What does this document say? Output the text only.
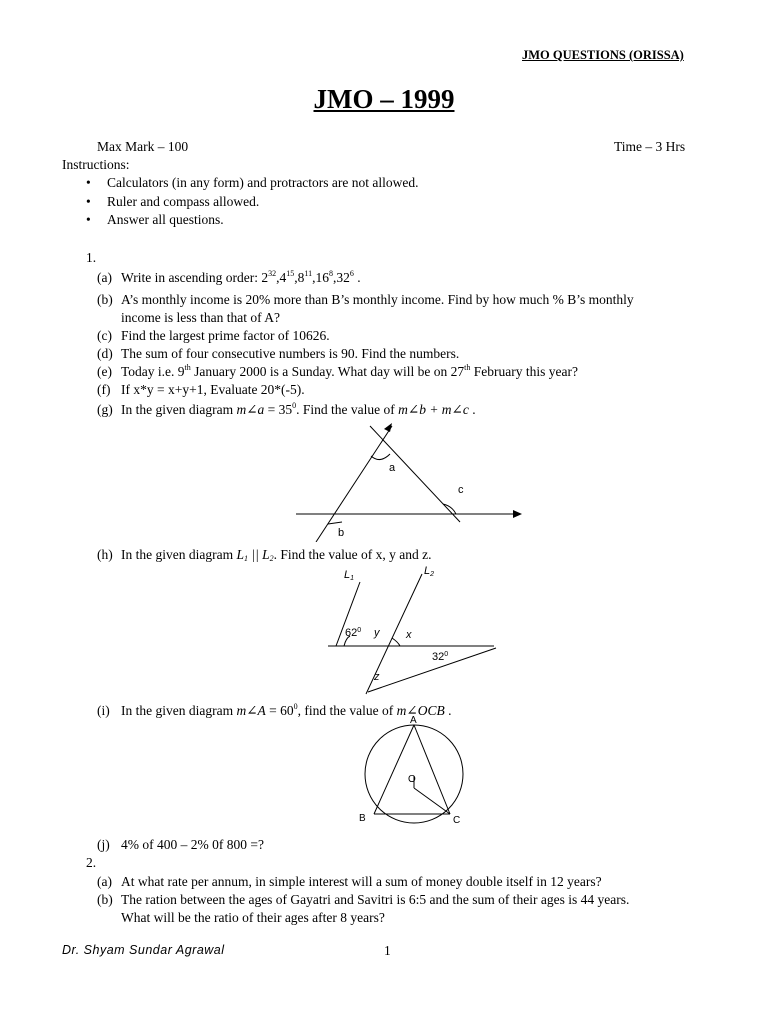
JMO QUESTIONS (ORISSA)
JMO – 1999
Max Mark – 100	Time – 3 Hrs
Instructions:
• Calculators (in any form) and protractors are not allowed.
• Ruler and compass allowed.
• Answer all questions.
1.
(a) Write in ascending order: $2^{32},4^{15},8^{11},16^8,32^6$ .
(b) A’s monthly income is 20% more than B’s monthly income. Find by how much % B’s monthly
income is less than that of A?
(c) Find the largest prime factor of 10626.
(d) The sum of four consecutive numbers is 90. Find the numbers.
(e) Today i.e. 9th January 2000 is a Sunday. What day will be on 27th February this year?
(f) If x*y = x+y+1, Evaluate 20*(-5).
(g) In the given diagram m∠a = $35^0$. Find the value of m∠b + m∠c .
a
b
c
(h) In the given diagram $L_1$ || $L_2$. Find the value of x, y and z.
L1
L2
$62^0$
$32^0$
y x
z
(i) In the given diagram m∠A = $60^0$, find the value of m∠OCB .
A
B	C
O
(j) 4% of 400 – 2% 0f 800 =?
2.
(a) At what rate per annum, in simple interest will a sum of money double itself in 12 years?
(b) The ration between the ages of Gayatri and Savitri is 6:5 and the sum of their ages is 44 years.
What will be the ratio of their ages after 8 years?
Dr. Shyam Sundar Agrawal	1
